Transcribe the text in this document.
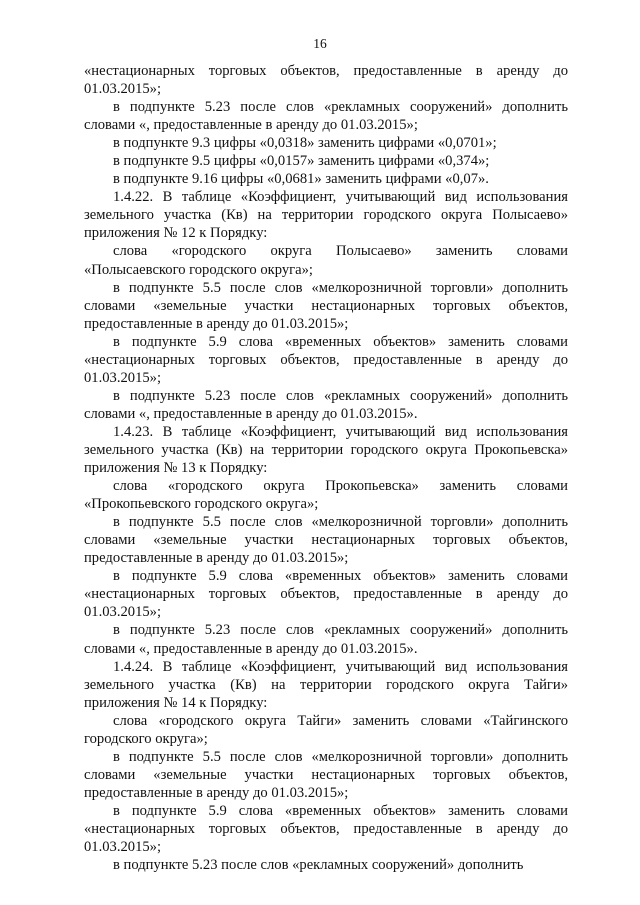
16

«нестационарных торговых объектов, предоставленные в аренду до 01.03.2015»;

в подпункте 5.23 после слов «рекламных сооружений» дополнить словами «, предоставленные в аренду до 01.03.2015»;

в подпункте 9.3 цифры «0,0318» заменить цифрами «0,0701»;

в подпункте 9.5 цифры «0,0157» заменить цифрами «0,374»;

в подпункте 9.16 цифры «0,0681» заменить цифрами «0,07».

1.4.22. В таблице «Коэффициент, учитывающий вид использования земельного участка (Кв) на территории городского округа Полысаево» приложения № 12 к Порядку:

слова «городского округа Полысаево» заменить словами «Полысаевского городского округа»;

в подпункте 5.5 после слов «мелкорозничной торговли» дополнить словами «земельные участки нестационарных торговых объектов, предоставленные в аренду до 01.03.2015»;

в подпункте 5.9 слова «временных объектов» заменить словами «нестационарных торговых объектов, предоставленные в аренду до 01.03.2015»;

в подпункте 5.23 после слов «рекламных сооружений» дополнить словами «, предоставленные в аренду до 01.03.2015».

1.4.23. В таблице «Коэффициент, учитывающий вид использования земельного участка (Кв) на территории городского округа Прокопьевска» приложения № 13 к Порядку:

слова «городского округа Прокопьевска» заменить словами «Прокопьевского городского округа»;

в подпункте 5.5 после слов «мелкорозничной торговли» дополнить словами «земельные участки нестационарных торговых объектов, предоставленные в аренду до 01.03.2015»;

в подпункте 5.9 слова «временных объектов» заменить словами «нестационарных торговых объектов, предоставленные в аренду до 01.03.2015»;

в подпункте 5.23 после слов «рекламных сооружений» дополнить словами «, предоставленные в аренду до 01.03.2015».

1.4.24. В таблице «Коэффициент, учитывающий вид использования земельного участка (Кв) на территории городского округа Тайги» приложения № 14 к Порядку:

слова «городского округа Тайги» заменить словами «Тайгинского городского округа»;

в подпункте 5.5 после слов «мелкорозничной торговли» дополнить словами «земельные участки нестационарных торговых объектов, предоставленные в аренду до 01.03.2015»;

в подпункте 5.9 слова «временных объектов» заменить словами «нестационарных торговых объектов, предоставленные в аренду до 01.03.2015»;

в подпункте 5.23 после слов «рекламных сооружений» дополнить
